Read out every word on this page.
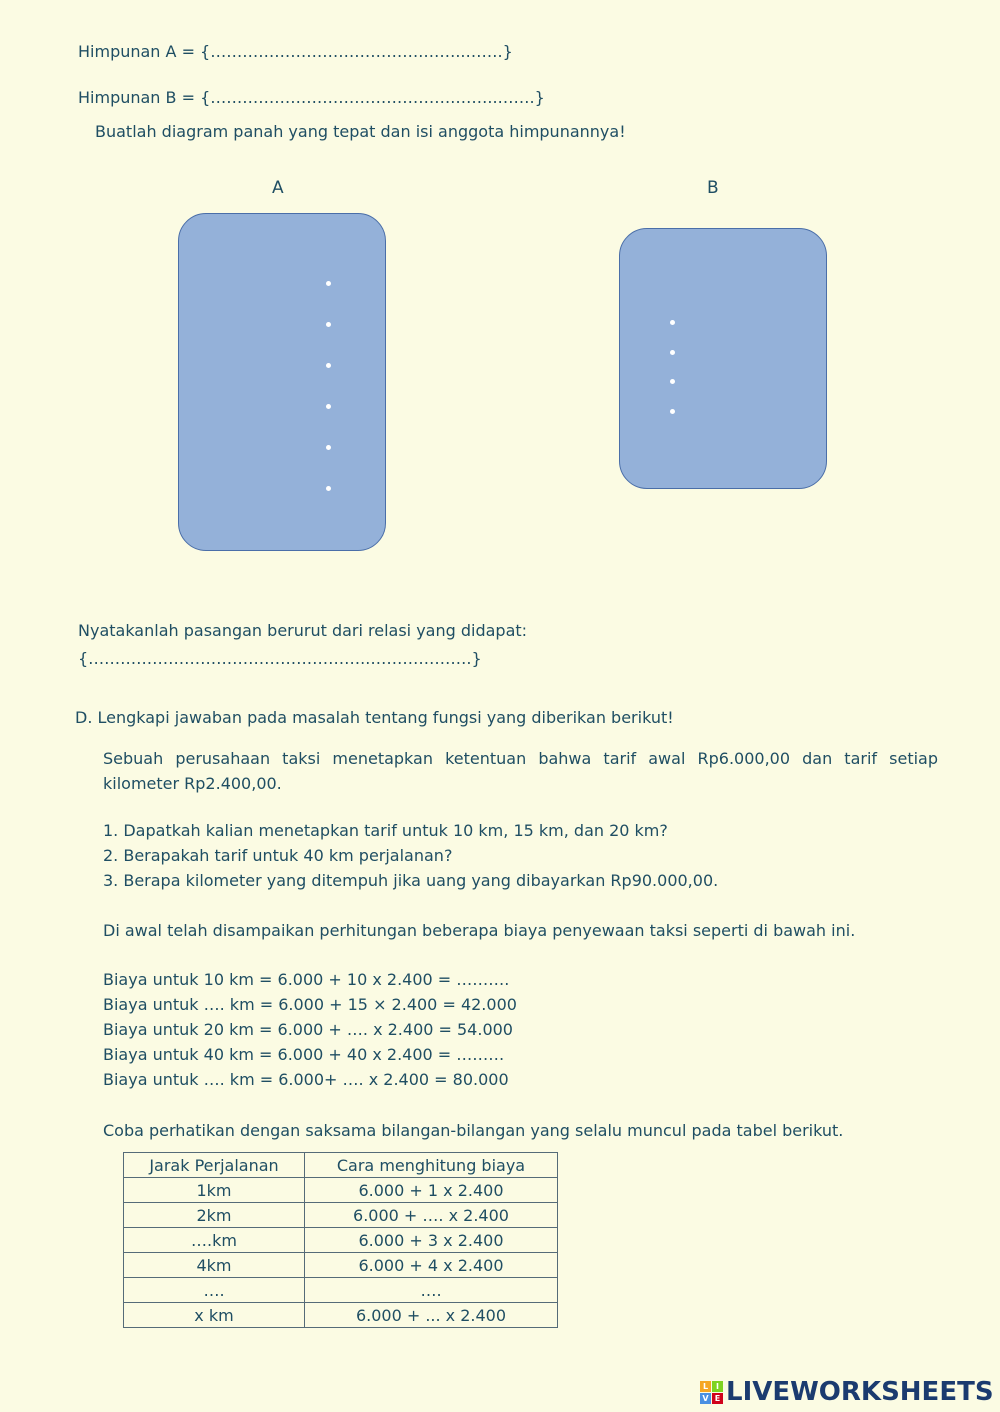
Himpunan A = {………………………………….……..…….}
Himpunan B = {……………………………………….……..…….}
Buatlah diagram panah yang tepat dan isi anggota himpunannya!
A	B
Nyatakanlah pasangan berurut dari relasi yang didapat:
{……………………………………………..……………….}
D. Lengkapi jawaban pada masalah tentang fungsi yang diberikan berikut!
Sebuah perusahaan taksi menetapkan ketentuan bahwa tarif awal Rp6.000,00 dan tarif setiap kilometer Rp2.400,00.
1. Dapatkah kalian menetapkan tarif untuk 10 km, 15 km, dan 20 km?
2. Berapakah tarif untuk 40 km perjalanan?
3. Berapa kilometer yang ditempuh jika uang yang dibayarkan Rp90.000,00.
Di awal telah disampaikan perhitungan beberapa biaya penyewaan taksi seperti di bawah ini.
Biaya untuk 10 km = 6.000 + 10 x 2.400 = ……….
Biaya untuk …. km = 6.000 + 15 × 2.400 = 42.000
Biaya untuk 20 km = 6.000 + …. x 2.400 = 54.000
Biaya untuk 40 km = 6.000 + 40 x 2.400 = ………
Biaya untuk …. km = 6.000+ …. x 2.400 = 80.000
Coba perhatikan dengan saksama bilangan-bilangan yang selalu muncul pada tabel berikut.
Jarak Perjalanan	Cara menghitung biaya
1km	6.000 + 1 x 2.400
2km	6.000 + …. x 2.400
….km	6.000 + 3 x 2.400
4km	6.000 + 4 x 2.400
….	….
x km	6.000 + ... x 2.400
L I
V E LIVEWORKSHEETS
